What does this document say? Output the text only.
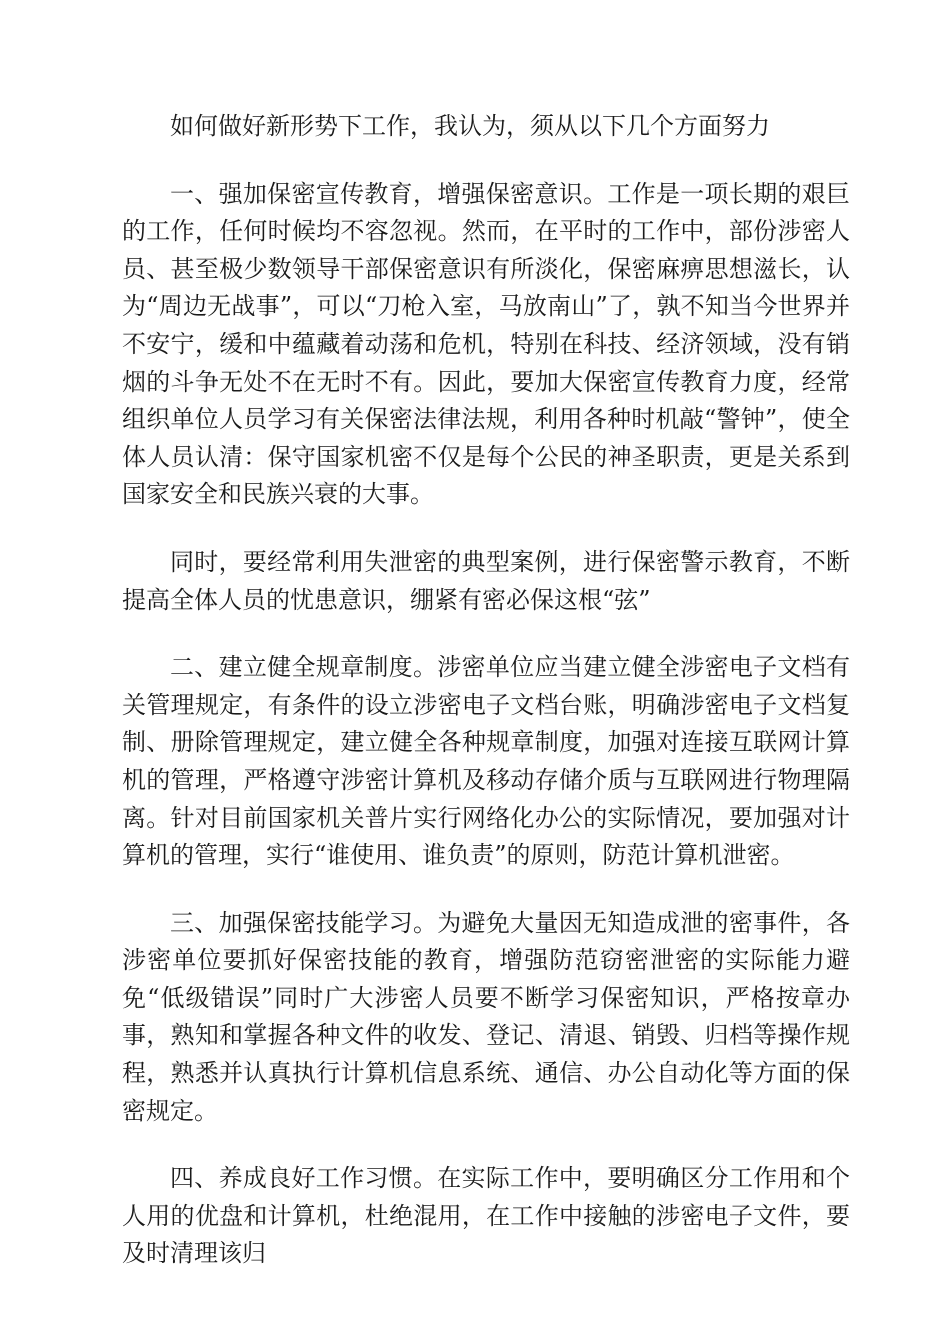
如何做好新形势下工作，我认为，须从以下几个方面努力

一、强加保密宣传教育，增强保密意识。工作是一项长期的艰巨的工作，任何时候均不容忽视。然而，在平时的工作中，部份涉密人员、甚至极少数领导干部保密意识有所淡化，保密麻痹思想滋长，认为“周边无战事”，可以“刀枪入室，马放南山”了，孰不知当今世界并不安宁，缓和中蕴藏着动荡和危机，特别在科技、经济领域，没有销烟的斗争无处不在无时不有。因此，要加大保密宣传教育力度，经常组织单位人员学习有关保密法律法规，利用各种时机敲“警钟”，使全体人员认清：保守国家机密不仅是每个公民的神圣职责，更是关系到国家安全和民族兴衰的大事。

同时，要经常利用失泄密的典型案例，进行保密警示教育，不断提高全体人员的忧患意识，绷紧有密必保这根“弦”

二、建立健全规章制度。涉密单位应当建立健全涉密电子文档有关管理规定，有条件的设立涉密电子文档台账，明确涉密电子文档复制、册除管理规定，建立健全各种规章制度，加强对连接互联网计算机的管理，严格遵守涉密计算机及移动存储介质与互联网进行物理隔离。针对目前国家机关普片实行网络化办公的实际情况，要加强对计算机的管理，实行“谁使用、谁负责”的原则，防范计算机泄密。

三、加强保密技能学习。为避免大量因无知造成泄的密事件，各涉密单位要抓好保密技能的教育，增强防范窃密泄密的实际能力避免“低级错误”同时广大涉密人员要不断学习保密知识，严格按章办事，熟知和掌握各种文件的收发、登记、清退、销毁、归档等操作规程，熟悉并认真执行计算机信息系统、通信、办公自动化等方面的保密规定。

四、养成良好工作习惯。在实际工作中，要明确区分工作用和个人用的优盘和计算机，杜绝混用，在工作中接触的涉密电子文件，要及时清理该归
